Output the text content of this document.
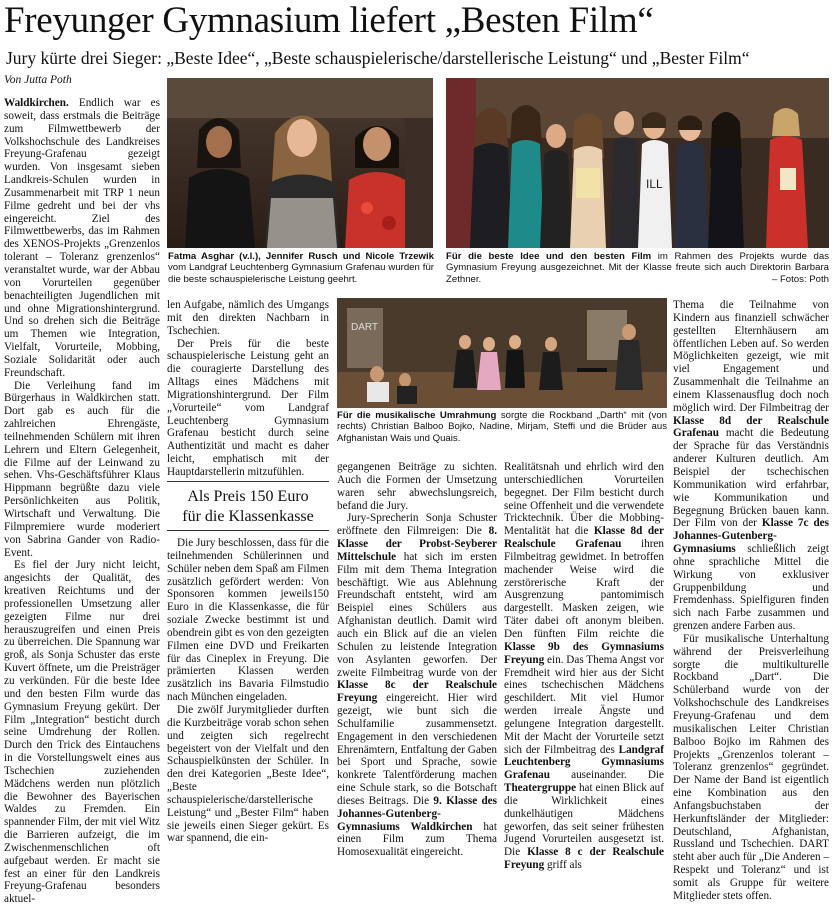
Freyunger Gymnasium liefert „Besten Film“
Jury kürte drei Sieger: „Beste Idee“, „Beste schauspielerische/darstellerische Leistung“ und „Bester Film“
Von Jutta Poth
Fatma Asghar (v.l.), Jennifer Rusch und Nicole Trzewik vom Landgraf Leuchtenberg Gymnasium Grafenau wurden für die beste schauspielerische Leistung geehrt.
ILL
Für die beste Idee und den besten Film im Rahmen des Projekts wurde das Gymnasium Freyung ausgezeichnet. Mit der Klasse freute sich auch Direktorin Barbara Zethner.	– Fotos: Poth
DART
Für die musikalische Umrahmung sorgte die Rockband „Darth“ mit (von rechts) Christian Balboo Bojko, Nadine, Mirjam, Steffi und die Brüder aus Afghanistan Wais und Quais.

Waldkirchen. Endlich war es soweit, dass erstmals die Beiträge zum Filmwettbewerb der Volkshochschule des Landkreises Freyung-Grafenau gezeigt wurden. Von insgesamt sieben Landkreis-Schulen wurden in Zusammenarbeit mit TRP 1 neun Filme gedreht und bei der vhs eingereicht. Ziel des Filmwettbewerbs, das im Rahmen des XENOS-Projekts „Grenzenlos tolerant – Toleranz grenzenlos“ veranstaltet wurde, war der Abbau von Vorurteilen gegenüber benachteiligten Jugendlichen mit und ohne Migrationshintergrund. Und so drehen sich die Beiträge um Themen wie Integration, Vielfalt, Vorurteile, Mobbing, Soziale Solidarität oder auch Freundschaft.

Die Verleihung fand im Bürgerhaus in Waldkirchen statt. Dort gab es auch für die zahlreichen Ehrengäste, teilnehmenden Schülern mit ihren Lehrern und Eltern Gelegenheit, die Filme auf der Leinwand zu sehen. Vhs-Geschäftsführer Klaus Hippmann begrüßte dazu viele Persönlichkeiten aus Politik, Wirtschaft und Verwaltung. Die Filmpremiere wurde moderiert von Sabrina Gander von Radio-Event.

Es fiel der Jury nicht leicht, angesichts der Qualität, des kreativen Reichtums und der professionellen Umsetzung aller gezeigten Filme nur drei herauszugreifen und einen Preis zu überreichen. Die Spannung war groß, als Sonja Schuster das erste Kuvert öffnete, um die Preisträger zu verkünden. Für die beste Idee und den besten Film wurde das Gymnasium Freyung gekürt. Der Film „Integration“ besticht durch seine Umdrehung der Rollen. Durch den Trick des Eintauchens in die Vorstellungswelt eines aus Tschechien zuziehenden Mädchens werden nun plötzlich die Bewohner des Bayerischen Waldes zu Fremden. Ein spannender Film, der mit viel Witz die Barrieren aufzeigt, die im Zwischenmenschlichen oft aufgebaut werden. Er macht sie fest an einer für den Landkreis Freyung-Grafenau besonders aktuel-

len Aufgabe, nämlich des Umgangs mit den direkten Nachbarn in Tschechien.

Der Preis für die beste schauspielerische Leistung geht an die couragierte Darstellung des Alltags eines Mädchens mit Migrationshintergrund. Der Film „Vorurteile“ vom Landgraf Leuchtenberg Gymnasium Grafenau besticht durch seine Authentizität und macht es daher leicht, emphatisch mit der Hauptdarstellerin mitzufühlen.

Als Preis 150 Euro
für die Klassenkasse

Die Jury beschlossen, dass für die teilnehmenden Schülerinnen und Schüler neben dem Spaß am Filmen zusätzlich gefördert werden: Von Sponsoren kommen jeweils150 Euro in die Klassenkasse, die für soziale Zwecke bestimmt ist und obendrein gibt es von den gezeigten Filmen eine DVD und Freikarten für das Cineplex in Freyung. Die prämierten Klassen werden zusätzlich ins Bavaria Filmstudio nach München eingeladen.

Die zwölf Jurymitglieder durften die Kurzbeiträge vorab schon sehen und zeigten sich regelrecht begeistert von der Vielfalt und den Schauspielkünsten der Schüler. In den drei Kategorien „Beste Idee“, „Beste schauspielerische/darstellerische Leistung“ und „Bester Film“ haben sie jeweils einen Sieger gekürt. Es war spannend, die ein-

gegangenen Beiträge zu sichten. Auch die Formen der Umsetzung waren sehr abwechslungsreich, befand die Jury.

Jury-Sprecherin Sonja Schuster eröffnete den Filmreigen: Die 8. Klasse der Probst-Seyberer Mittelschule hat sich im ersten Film mit dem Thema Integration beschäftigt. Wie aus Ablehnung Freundschaft entsteht, wird am Beispiel eines Schülers aus Afghanistan deutlich. Damit wird auch ein Blick auf die an vielen Schulen zu leistende Integration von Asylanten geworfen. Der zweite Filmbeitrag wurde von der Klasse 8c der Realschule Freyung eingereicht. Hier wird gezeigt, wie bunt sich die Schulfamilie zusammensetzt. Engagement in den verschiedenen Ehrenämtern, Entfaltung der Gaben bei Sport und Sprache, sowie konkrete Talentförderung machen eine Schule stark, so die Botschaft dieses Beitrags. Die 9. Klasse des Johannes-Gutenberg-Gymnasiums Waldkirchen hat einen Film zum Thema Homosexualität eingereicht.

Realitätsnah und ehrlich wird den unterschiedlichen Vorurteilen begegnet. Der Film besticht durch seine Offenheit und die verwendete Tricktechnik. Über die Mobbing-Mentalität hat die Klasse 8d der Realschule Grafenau ihren Filmbeitrag gewidmet. In betroffen machender Weise wird die zerstörerische Kraft der Ausgrenzung pantomimisch dargestellt. Masken zeigen, wie Täter dabei oft anonym bleiben. Den fünften Film reichte die Klasse 9b des Gymnasiums Freyung ein. Das Thema Angst vor Fremdheit wird hier aus der Sicht eines tschechischen Mädchens geschildert. Mit viel Humor werden irreale Ängste und gelungene Integration dargestellt. Mit der Macht der Vorurteile setzt sich der Filmbeitrag des Landgraf Leuchtenberg Gymnasiums Grafenau auseinander. Die Theatergruppe hat einen Blick auf die Wirklichkeit eines dunkelhäutigen Mädchens geworfen, das seit seiner frühesten Jugend Vorurteilen ausgesetzt ist. Die Klasse 8 c der Realschule Freyung griff als

Thema die Teilnahme von Kindern aus finanziell schwächer gestellten Elternhäusern am öffentlichen Leben auf. So werden Möglichkeiten gezeigt, wie mit viel Engagement und Zusammenhalt die Teilnahme an einem Klassenausflug doch noch möglich wird. Der Filmbeitrag der Klasse 8d der Realschule Grafenau macht die Bedeutung der Sprache für das Verständnis anderer Kulturen deutlich. Am Beispiel der tschechischen Kommunikation wird erfahrbar, wie Kommunikation und Begegnung Brücken bauen kann. Der Film von der Klasse 7c des Johannes-Gutenberg-Gymnasiums schließlich zeigt ohne sprachliche Mittel die Wirkung von exklusiver Gruppenbildung und Fremdenhass. Spielfiguren finden sich nach Farbe zusammen und grenzen andere Farben aus.

Für musikalische Unterhaltung während der Preisverleihung sorgte die multikulturelle Rockband „Dart“. Die Schülerband wurde von der Volkshochschule des Landkreises Freyung-Grafenau und dem musikalischen Leiter Christian Balboo Bojko im Rahmen des Projekts „Grenzenlos tolerant – Toleranz grenzenlos“ gegründet. Der Name der Band ist eigentlich eine Kombination aus den Anfangsbuchstaben der Herkunftsländer der Mitglieder: Deutschland, Afghanistan, Russland und Tschechien. DART steht aber auch für „Die Anderen – Respekt und Toleranz“ und ist somit als Gruppe für weitere Mitglieder stets offen.
